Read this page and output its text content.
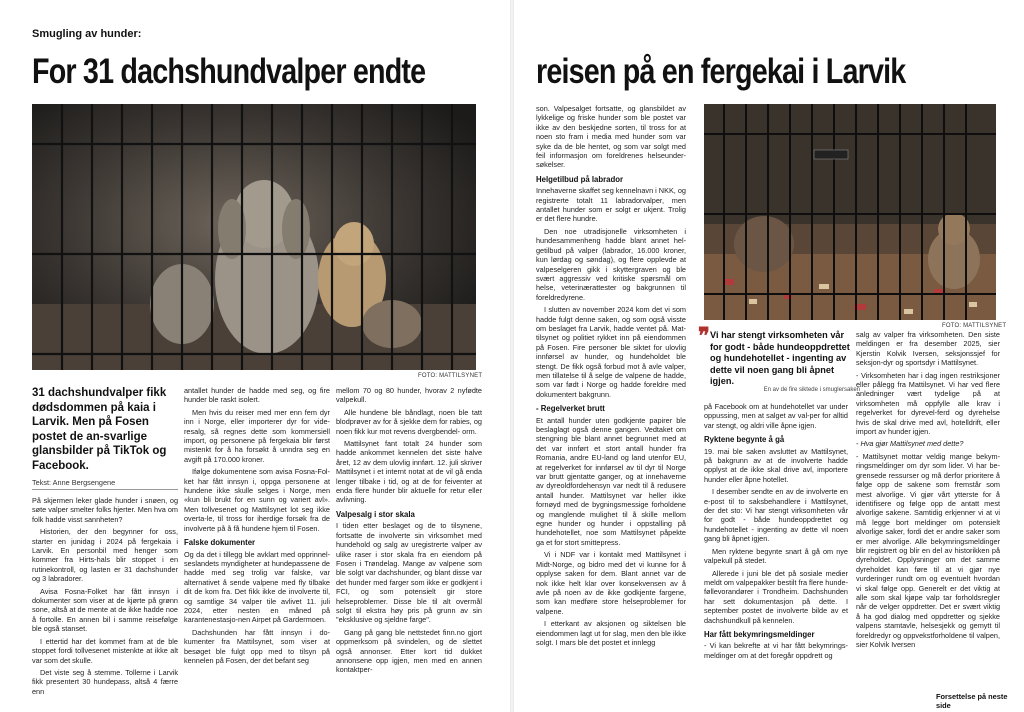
Smugling av hunder:
For 31 dachshundvalper endte
FOTO: MATTILSYNET
31 dachshundvalper fikk dødsdommen på kaia i Larvik. Men på Fosen postet de an-svarlige glansbilder på TikTok og Facebook.
Tekst: Anne Bergsengene

På skjermen leker glade hunder i snøen, og søte valper smelter folks hjerter. Men hva om folk hadde visst sannheten?

Historien, der den begynner for oss, starter en junidag i 2024 på fergekaia i Larvik. En personbil med henger som kommer fra Hirts-hals blir stoppet i en rutinekontroll, og lasten er 31 dachshunder og 3 labradorer.

Avisa Fosna-Folket har fått innsyn i dokumenter som viser at de kjørte på grønn sone, altså at de mente at de ikke hadde noe å fortolle. En annen bil i samme reisefølge ble også stanset.

I ettertid har det kommet fram at de ble stoppet fordi tollvesenet mistenkte at ikke alt var som det skulle.

Det viste seg å stemme. Tollerne i Larvik fikk presentert 30 hundepass, altså 4 færre enn

antallet hunder de hadde med seg, og fire hunder ble raskt isolert.

Men hvis du reiser med mer enn fem dyr inn i Norge, eller importerer dyr for vide-resalg, så regnes dette som kommersiell import, og personene på fergekaia blir først mistenkt for å ha forsøkt å unndra seg en avgift på 170.000 kroner.

Ifølge dokumentene som avisa Fosna-Fol-ket har fått innsyn i, oppga personene at hundene ikke skulle selges i Norge, men «kun bli brukt for en sunn og variert avl». Men tollvesenet og Mattilsynet lot seg ikke overta-le, til tross for iherdige forsøk fra de involverte på å få hundene hjem til Fosen.

Falske dokumenter

Og da det i tillegg ble avklart med opprinnel-seslandets myndigheter at hundepassene de hadde med seg trolig var falske, var alternativet å sende valpene med fly tilbake dit de kom fra. Det fikk ikke de involverte til, og samtlige 34 valper tile avlivet 11. juli 2024, etter nesten en måned på karantenestasjo-nen Airpet på Gardermoen.

Dachshunden har fått innsyn i do-kumenter fra Mattilsynet, som viser at besøget ble fulgt opp med to tilsyn på kennelen på Fosen, der det befant seg

mellom 70 og 80 hunder, hvorav 2 nyfødte valpekull.

Alle hundene ble båndlagt, noen ble tatt blodprøver av for å sjekke dem for rabies, og noen fikk kur mot revens dvergbendel- orm.

Mattilsynet fant totalt 24 hunder som hadde ankommet kennelen det siste halve året, 12 av dem ulovlig innført. 12. juli skriver Mattilsynet i et internt notat at de vil gå enda lenger tilbake i tid, og at de for feiventer at enda flere hunder blir aktuelle for retur eller avlivning.

Valpesalg i stor skala

I tiden etter beslaget og de to tilsynene, fortsatte de involverte sin virksomhet med hundehold og salg av uregistrerte valper av ulike raser i stor skala fra en eiendom på Fosen i Trøndelag. Mange av valpene som ble solgt var dachshunder, og blant disse var det hunder med farger som ikke er godkjent i FCI, og som potensielt gir store helseproblemer. Disse ble til alt overmål solgt til ekstra høy pris på grunn av sin "eksklusive og sjeldne farge".

Gang på gang ble nettstedet finn.no gjort oppmerksom på svindelen, og de slettet også annonser. Etter kort tid dukket annonsene opp igjen, men med en annen kontaktper-

reisen på en fergekai i Larvik

son. Valpesalget fortsatte, og glansbildet av lykkelige og friske hunder som ble postet var ikke av den beskjedne sorten, til tross for at noen sto fram i media med hunder som var syke da de ble hentet, og som var solgt med feil informasjon om foreldrenes helseunder-søkelser.

Helgetilbud på labrador

Innehaverne skaffet seg kennelnavn i NKK, og registrerte totalt 11 labradorvalper, men antallet hunder som er solgt er ukjent. Trolig er det flere hundre.

Den noe utradisjonelle virksomheten i hundesammenheng hadde blant annet hel-getilbud på valper (labrador, 16.000 kroner, kun lørdag og søndag), og flere opplevde at valpeselgeren gikk i skyttergraven og ble svært aggressiv ved kritiske spørsmål om helse, veterinærattester og bakgrunnen til foreldredyrene.

I slutten av november 2024 kom det vi som hadde fulgt denne saken, og som også visste om beslaget fra Larvik, hadde ventet på. Mat-tilsynet og politiet rykket inn på eiendommen på Fosen. Fire personer ble siktet for ulovlig innførsel av hunder, og hundeholdet ble stengt. De fikk også forbud mot å avle valper, men tillatelse til å selge de valpene de hadde, som var født i Norge og hadde foreldre med dokumentert bakgrunn.

- Regelverket brutt

Et antall hunder uten godkjente papirer ble beslaglagt også denne gangen. Vedtaket om stengning ble blant annet begrunnet med at det var innført et stort antall hunder fra Romania, andre EU-land og land utenfor EU, at regelverket for innførsel av til dyr til Norge var brutt gjentatte ganger, og at innehaverne av dyreoldfordehensyn var nedt til å redusere antall hunder. Mattilsynet var heller ikke fornøyd med de bygningsmessige forholdene og manglende mulighet til å skille mellom egne hunder og hunder i oppstalling på hundehotellet, noe som Mattilsynet påpekte ga et for stort smittepress.

Vi i NDF var i kontakt med Mattilsynet i Midt-Norge, og bidro med det vi kunne for å opplyse saken for dem. Blant annet var de nok ikke helt klar over konsekvensen av å avle på noen av de ikke godkjente fargene, som kan medføre store helseproblemer for valpene.

I etterkant av aksjonen og siktelsen ble eiendommen lagt ut for slag, men den ble ikke solgt. I mars ble det postet et innlegg

FOTO: MATTILSYNET
❞ Vi har stengt virksomheten vår for godt - både hundeoppdrettet og hundehotellet - ingenting av dette vil noen gang bli åpnet igjen.
En av de fire siktede i smuglersaken

på Facebook om at hundehotellet var under oppussing, men at salget av val-per for alltid var stengt, og aldri ville åpne igjen.

Ryktene begynte å gå

19. mai ble saken avsluttet av Mattilsynet, på bakgrunn av at de involverte hadde opplyst at de ikke skal drive avl, importere hunder eller åpne hotellet.

I desember sendte en av de involverte en e-post til to saksbehandlere i Mattilsynet, der det sto: Vi har stengt virksomheten vår for godt - både hundeoppdrettet og hundehotellet - ingenting av dette vil noen gang bli åpnet igjen.

Men ryktene begynte snart å gå om nye valpekull på stedet.

Allerede i juni ble det på sosiale medier meldt om valpepakker bestilt fra flere hunde-føllevorandører i Trondheim. Dachshunden har sett dokumentasjon på dette. I september postet de involverte bilde av et dachshundkull på kennelen.

Har fått bekymringsmeldinger

- Vi kan bekrefte at vi har fått bekymrings-meldinger om at det foregår oppdrett og

salg av valper fra virksomheten. Den siste meldingen er fra desember 2025, sier Kjerstin Kolvik Iversen, seksjonssjef for seksjon-dyr og sportsdyr i Mattilsynet.

- Virksomheten har i dag ingen restriksjoner eller pålegg fra Mattilsynet. Vi har ved flere anledninger vært tydelige på at virksomheten må oppfylle alle krav i regelverket for dyrevel-ferd og dyrehelse hvis de skal drive med avl, hotelldrift, eller import av hunder igjen.

- Hva gjør Mattilsynet med dette?

- Mattilsynet mottar veldig mange bekym-ringsmeldinger om dyr som lider. Vi har be-grensede ressurser og må derfor prioritere å følge opp de sakene som fremstår som mest alvorlige. Vi gjør vårt ytterste for å identifisere og følge opp de antatt mest alvorlige sakene. Samtidig erkjenner vi at vi må legge bort meldinger om potensielt alvorlige saker, fordi det er andre saker som er mer alvorlige. Alle bekymringsmeldinger blir registrert og blir en del av historikken på dyreholdet. Opplysninger om det samme dyreholdet kan føre til at vi gjør nye vurderinger rundt om og eventuelt hvordan vi skal følge opp. Generelt er det viktig at alle som skal kjøpe valp tar forholdsregler når de velger oppdretter. Det er svært viktig å ha god dialog med oppdretter og sjekke valpens stamtavle, helsesjekk og gemytt til foreldredyr og oppvekstforholdene til valpen, sier Kolvik Iversen

Forsettelse på neste side
